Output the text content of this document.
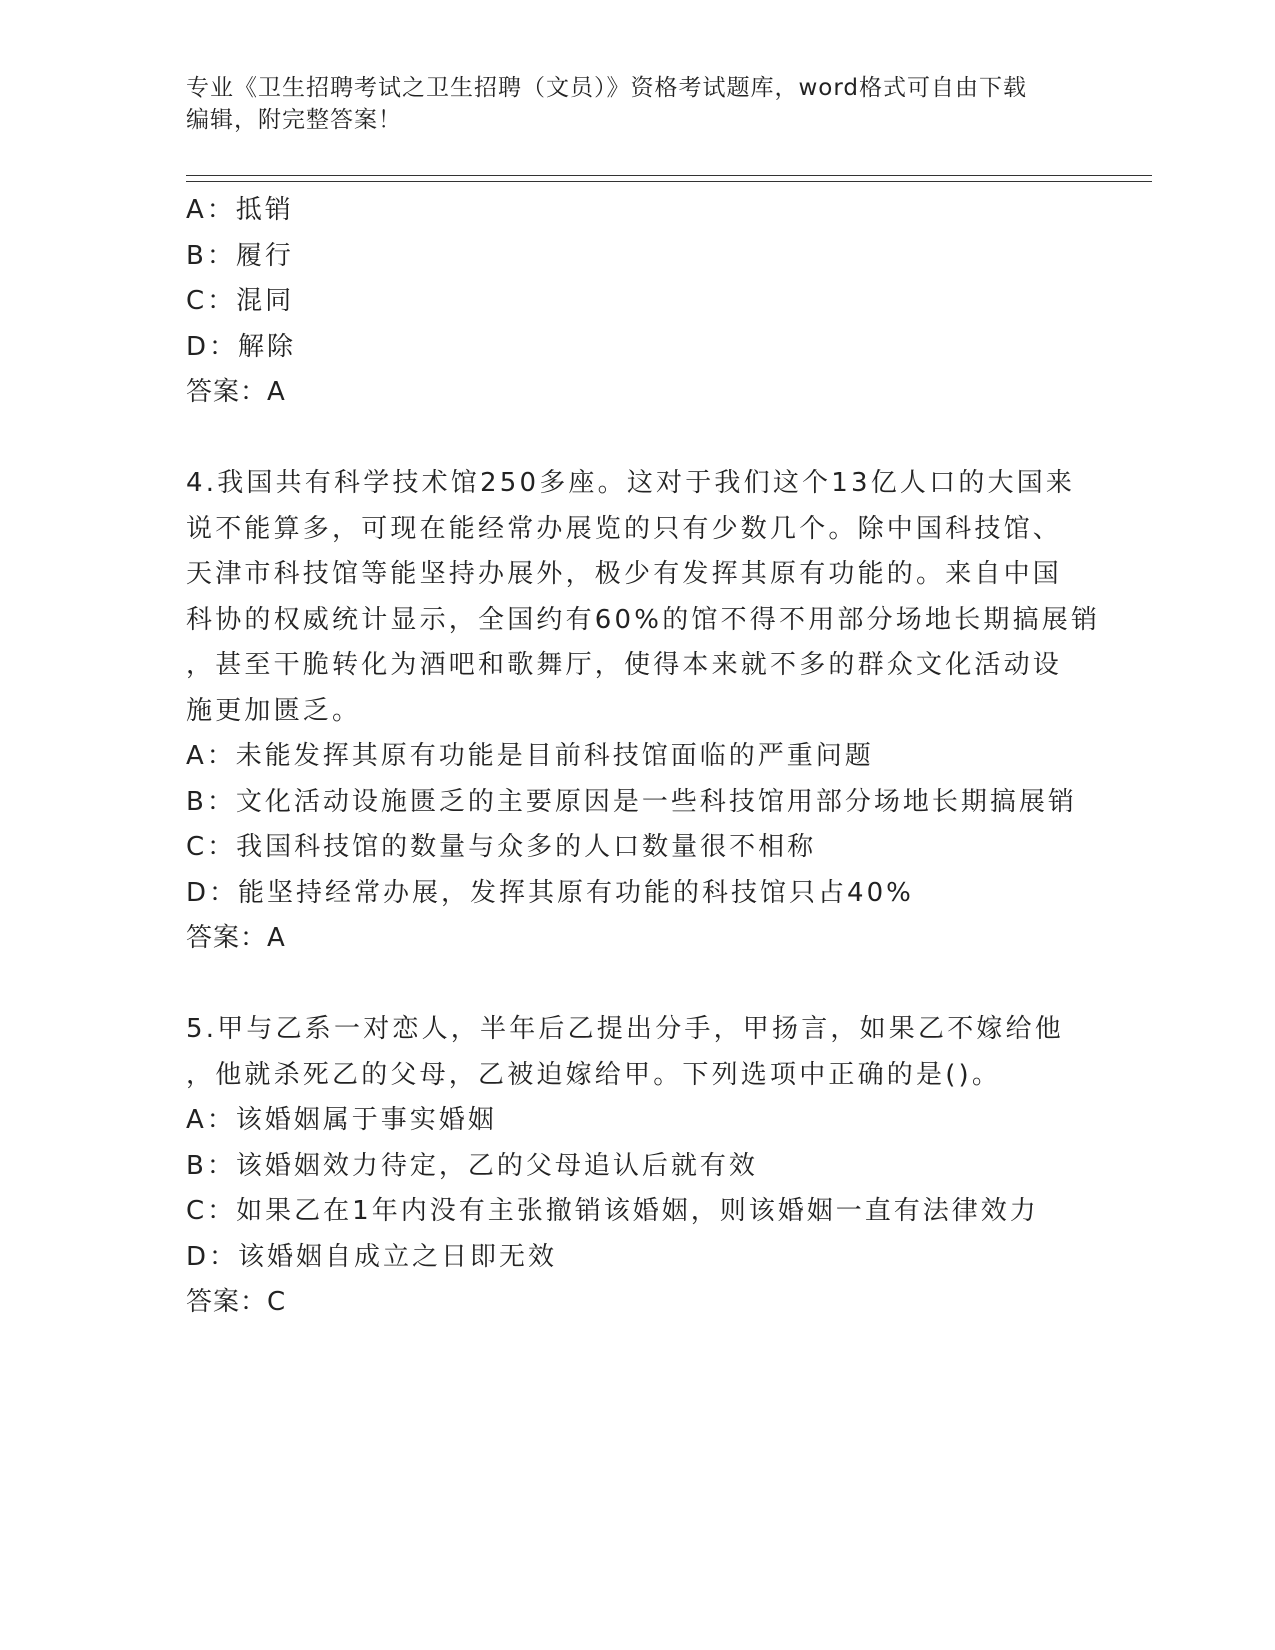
专业《卫生招聘考试之卫生招聘（文员）》资格考试题库，word格式可自由下载
编辑，附完整答案！
A：抵销
B：履行
C：混同
D：解除
答案：A
4.我国共有科学技术馆250多座。这对于我们这个13亿人口的大国来
说不能算多，可现在能经常办展览的只有少数几个。除中国科技馆、
天津市科技馆等能坚持办展外，极少有发挥其原有功能的。来自中国
科协的权威统计显示，全国约有60%的馆不得不用部分场地长期搞展销
，甚至干脆转化为酒吧和歌舞厅，使得本来就不多的群众文化活动设
施更加匮乏。
A：未能发挥其原有功能是目前科技馆面临的严重问题
B：文化活动设施匮乏的主要原因是一些科技馆用部分场地长期搞展销
C：我国科技馆的数量与众多的人口数量很不相称
D：能坚持经常办展，发挥其原有功能的科技馆只占40%
答案：A
5.甲与乙系一对恋人，半年后乙提出分手，甲扬言，如果乙不嫁给他
，他就杀死乙的父母，乙被迫嫁给甲。下列选项中正确的是()。
A：该婚姻属于事实婚姻
B：该婚姻效力待定，乙的父母追认后就有效
C：如果乙在1年内没有主张撤销该婚姻，则该婚姻一直有法律效力
D：该婚姻自成立之日即无效
答案：C
